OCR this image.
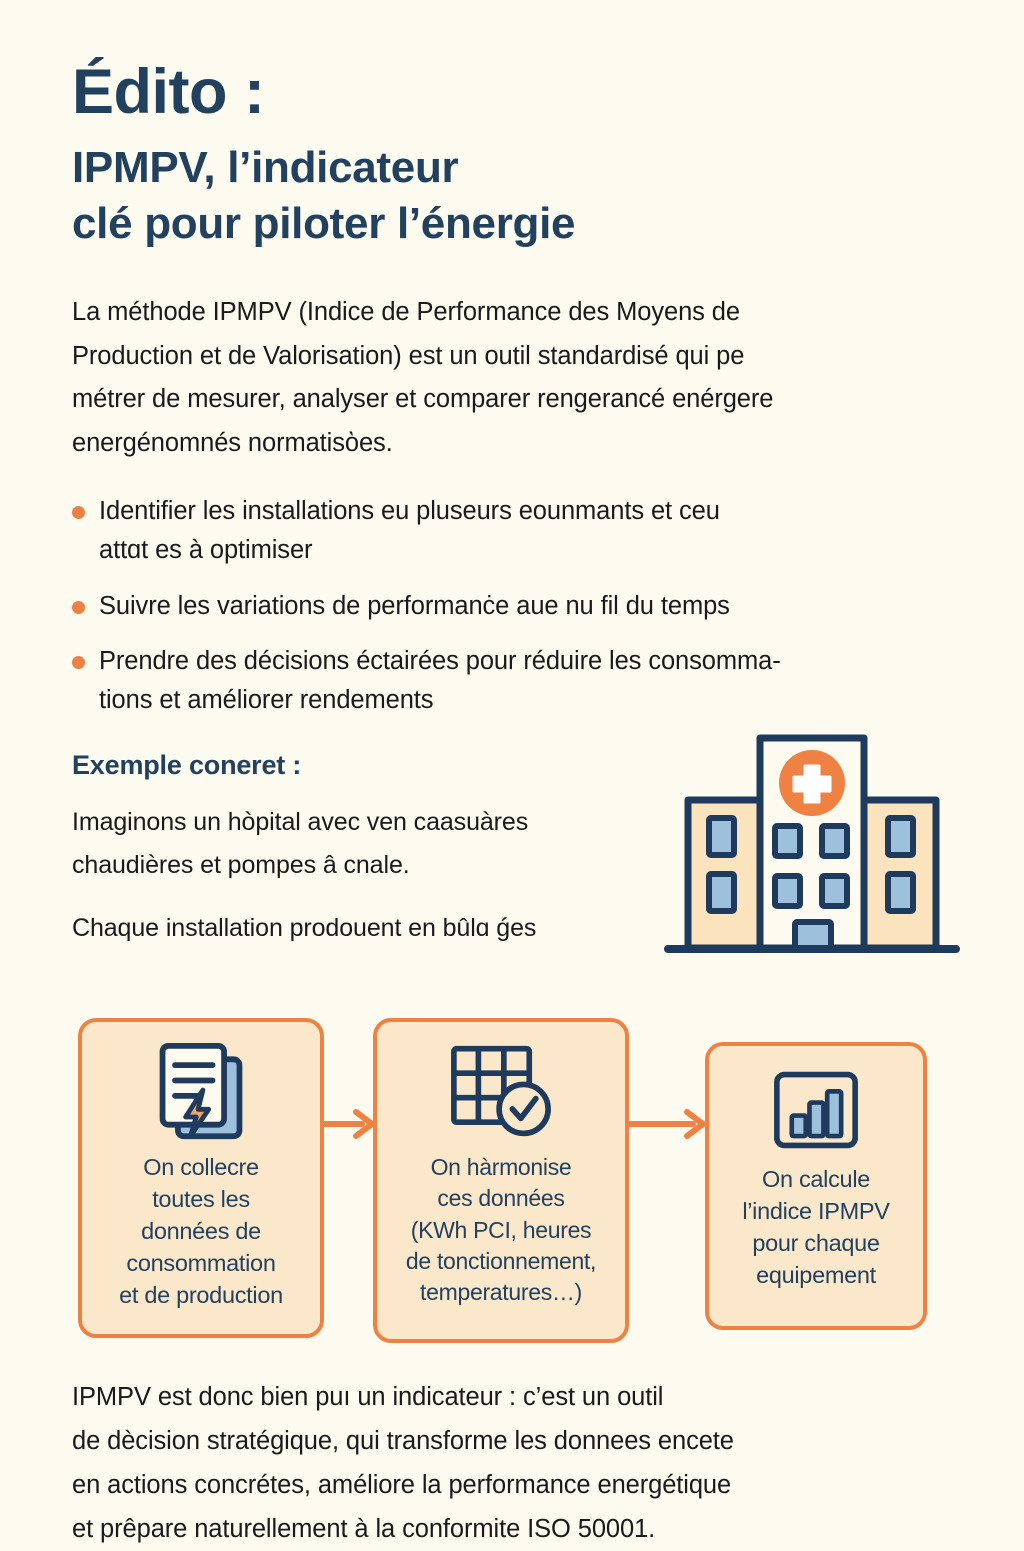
Édito :
IPMPV, l’indicateur
clé pour piloter l’énergie
La méthode IPMPV (Indice de Performance des Moyens de
Production et de Valorisation) est un outil standardisé qui pe
métrer de mesurer, analyser et comparer rengerancé enérgere
energénomnés normatisὸes.
Identifier les installations eu pluseurs eounmants et ceu
attɑt es à optimiser
Suivre les variations de performanċe aue nu fil du temps
Prendre des décisions éctairées pour réduire les consomma-
tions et améliorer rendements
Exemple coneret :
Imaginons un hòpital avec ven caasuàres
chaudières et pompes â cnale.
Chaque installation prodouent en bûlɑ ǵes
On collecre
toutes les
données de
consommation
et de production
On hàrmonise
ces données
(KWh PCI, heures
de tonctionnement,
temperatures…)
On calcule
l’indice IPMPV
pour chaque
equipement
IPMPV est donc bien puı un indicateur : c’est un outil
de dècision stratégique, qui transforme les donnees encete
en actions concrétes, améliore la performance energétique
et prêpare naturellement à la conformite ISO 50001.
